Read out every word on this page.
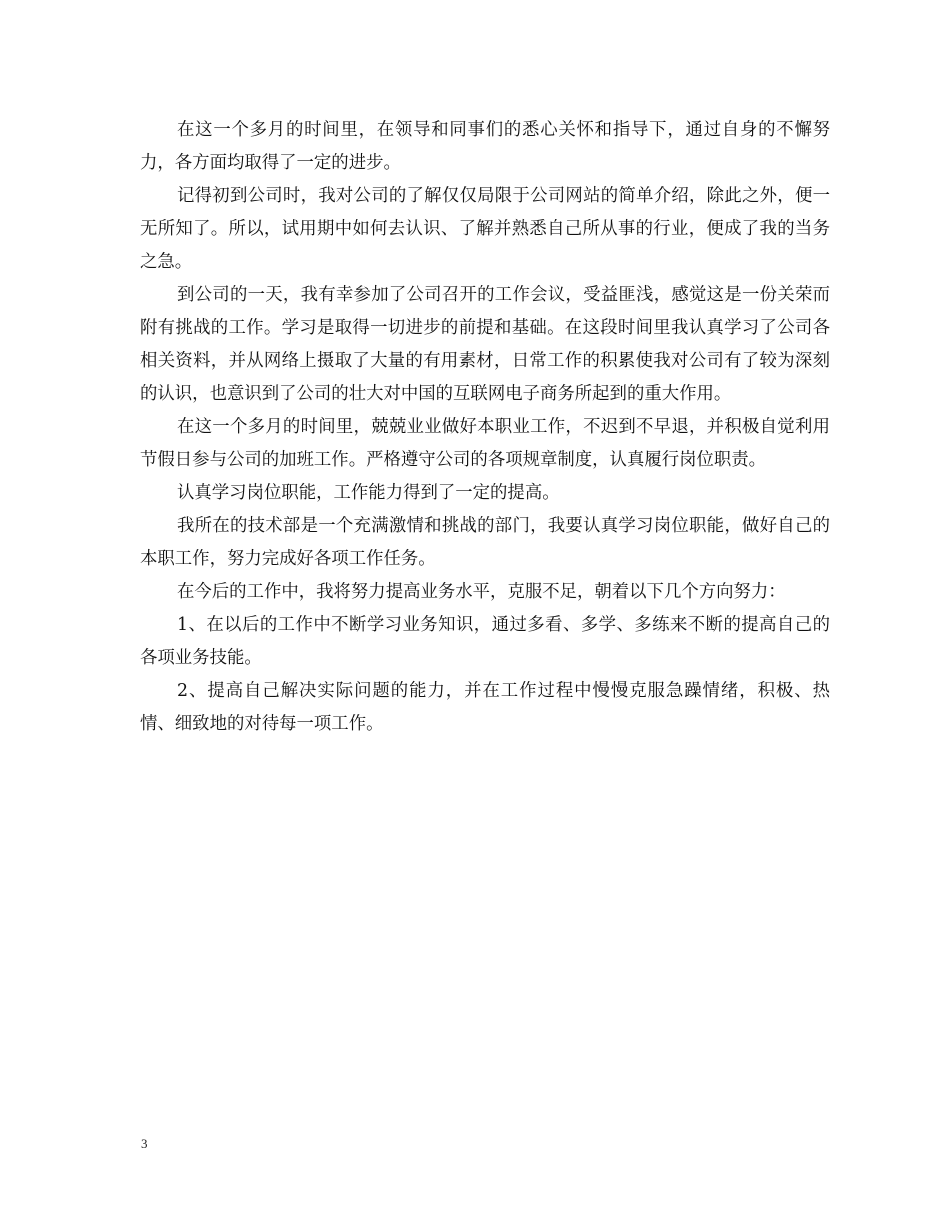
在这一个多月的时间里，在领导和同事们的悉心关怀和指导下，通过自身的不懈努力，各方面均取得了一定的进步。

记得初到公司时，我对公司的了解仅仅局限于公司网站的简单介绍，除此之外，便一无所知了。所以，试用期中如何去认识、了解并熟悉自己所从事的行业，便成了我的当务之急。

到公司的一天，我有幸参加了公司召开的工作会议，受益匪浅，感觉这是一份关荣而附有挑战的工作。学习是取得一切进步的前提和基础。在这段时间里我认真学习了公司各相关资料，并从网络上摄取了大量的有用素材，日常工作的积累使我对公司有了较为深刻的认识，也意识到了公司的壮大对中国的互联网电子商务所起到的重大作用。

在这一个多月的时间里，兢兢业业做好本职业工作，不迟到不早退，并积极自觉利用节假日参与公司的加班工作。严格遵守公司的各项规章制度，认真履行岗位职责。

认真学习岗位职能，工作能力得到了一定的提高。

我所在的技术部是一个充满激情和挑战的部门，我要认真学习岗位职能，做好自己的本职工作，努力完成好各项工作任务。

在今后的工作中，我将努力提高业务水平，克服不足，朝着以下几个方向努力：

1、在以后的工作中不断学习业务知识，通过多看、多学、多练来不断的提高自己的各项业务技能。

2、提高自己解决实际问题的能力，并在工作过程中慢慢克服急躁情绪，积极、热情、细致地的对待每一项工作。

3
